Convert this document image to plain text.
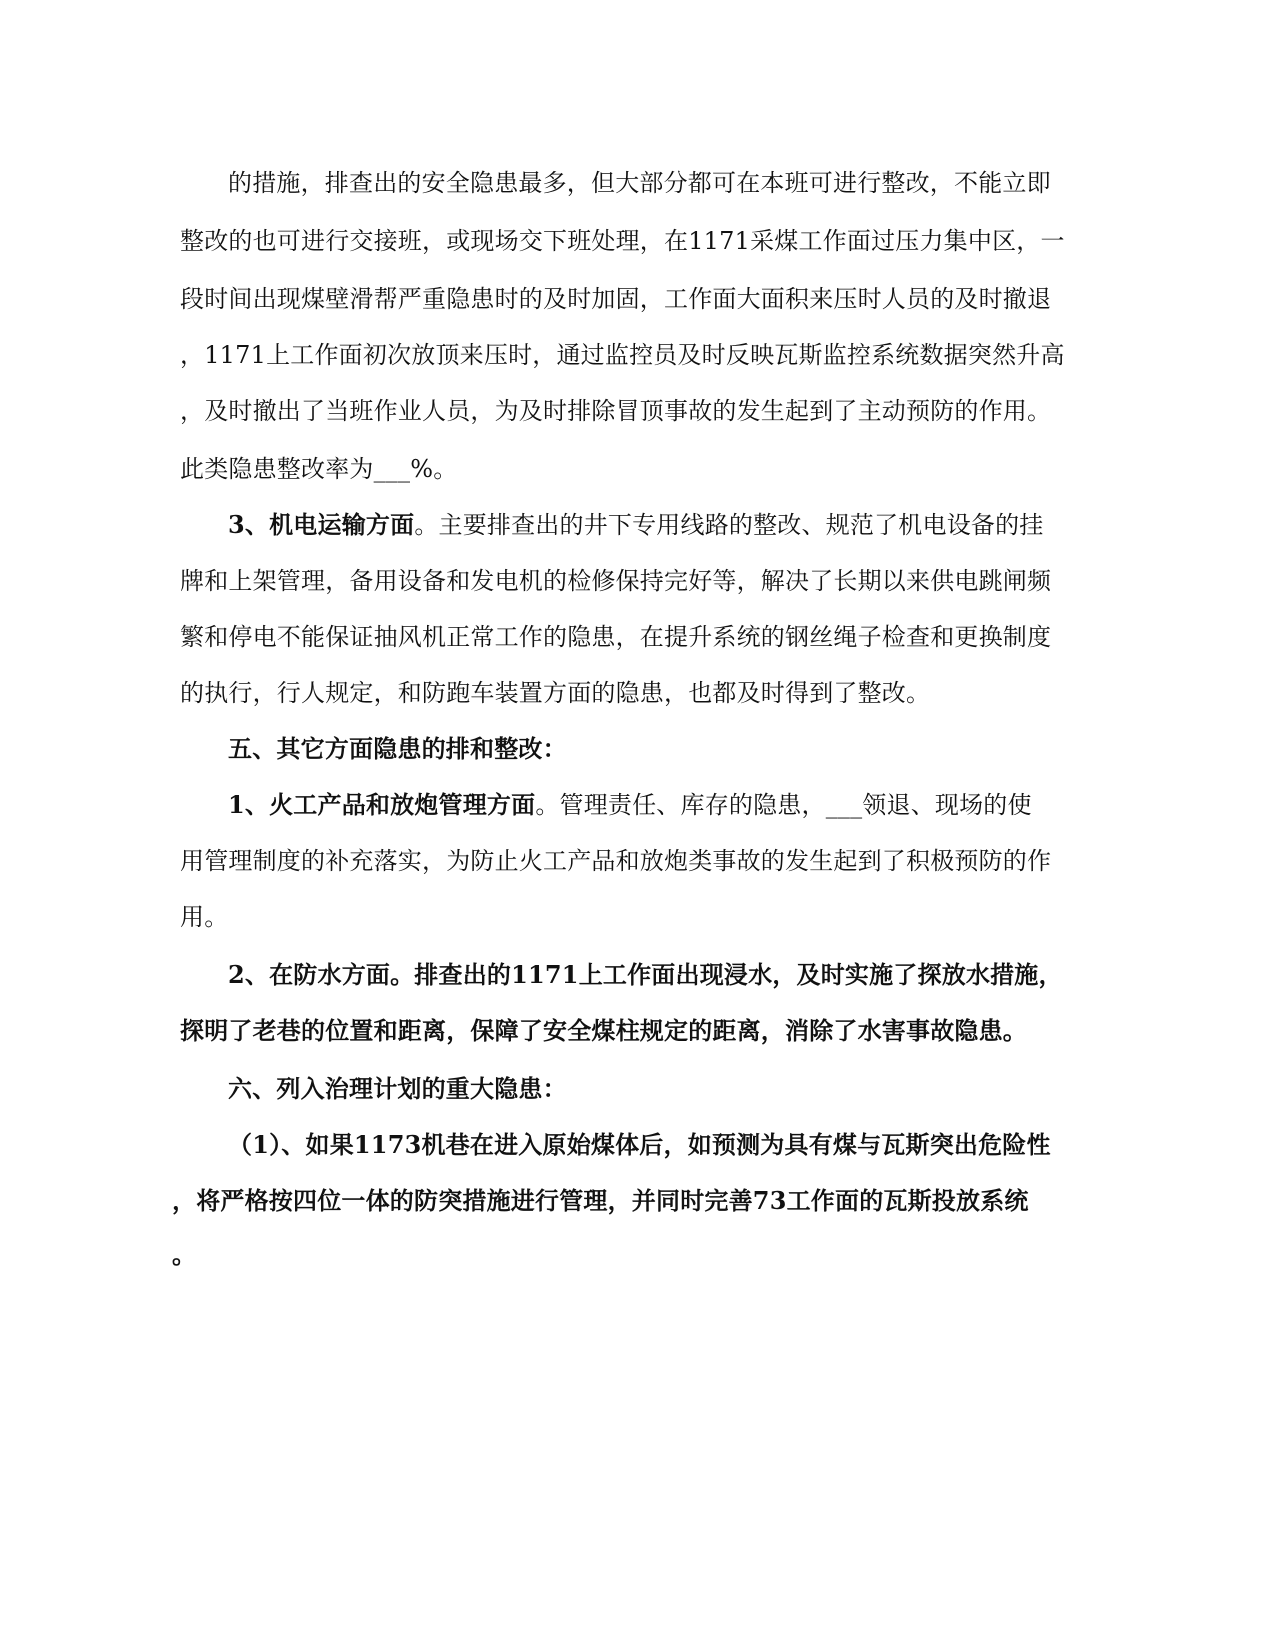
的措施，排查出的安全隐患最多，但大部分都可在本班可进行整改，不能立即
整改的也可进行交接班，或现场交下班处理，在1171采煤工作面过压力集中区，一
段时间出现煤壁滑帮严重隐患时的及时加固，工作面大面积来压时人员的及时撤退
，1171上工作面初次放顶来压时，通过监控员及时反映瓦斯监控系统数据突然升高
，及时撤出了当班作业人员，为及时排除冒顶事故的发生起到了主动预防的作用。
此类隐患整改率为___%。
3、机电运输方面。主要排查出的井下专用线路的整改、规范了机电设备的挂
牌和上架管理，备用设备和发电机的检修保持完好等，解决了长期以来供电跳闸频
繁和停电不能保证抽风机正常工作的隐患，在提升系统的钢丝绳子检查和更换制度
的执行，行人规定，和防跑车装置方面的隐患，也都及时得到了整改。
五、其它方面隐患的排和整改：
1、火工产品和放炮管理方面。管理责任、库存的隐患，___领退、现场的使
用管理制度的补充落实，为防止火工产品和放炮类事故的发生起到了积极预防的作
用。
2、在防水方面。排查出的1171上工作面出现浸水，及时实施了探放水措施，
探明了老巷的位置和距离，保障了安全煤柱规定的距离，消除了水害事故隐患。
六、列入治理计划的重大隐患：
（1）、如果1173机巷在进入原始煤体后，如预测为具有煤与瓦斯突出危险性
，将严格按四位一体的防突措施进行管理，并同时完善73工作面的瓦斯投放系统
。
